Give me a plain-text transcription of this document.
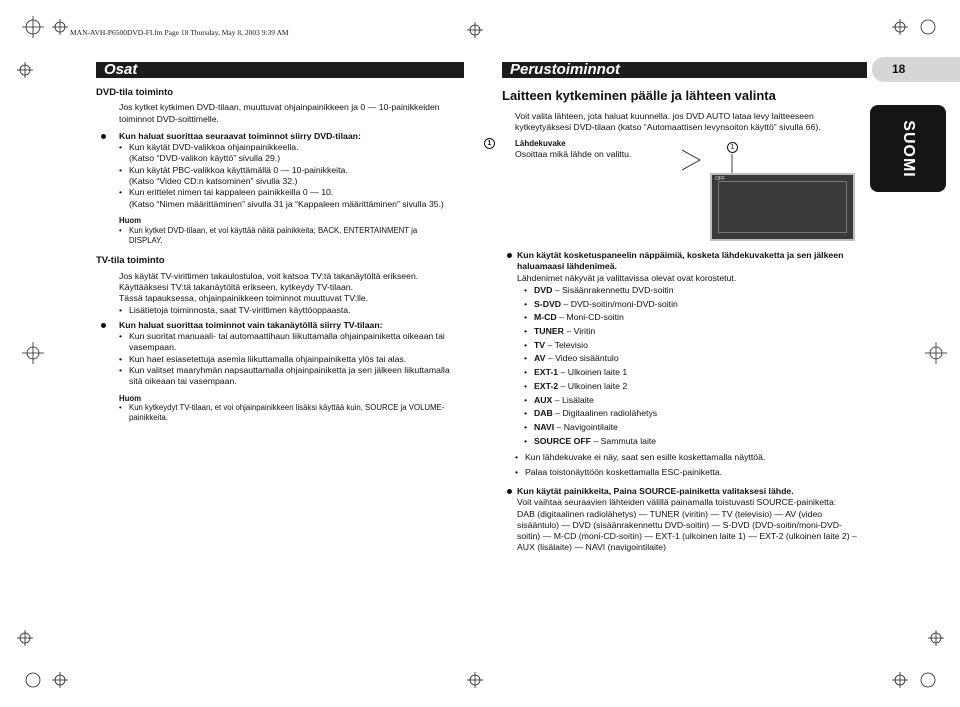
MAN-AVH-P6500DVD-FI.fm Page 18 Thursday, May 8, 2003 9:39 AM
Osat	Perustoiminnot	18
SUOMI
DVD-tila toiminto
Jos kytket kytkimen DVD-tilaan, muuttuvat ohjainpainikkeen ja 0 — 10-painikkeiden
toiminnot DVD-soittimelle.
Kun haluat suorittaa seuraavat toiminnot siirry DVD-tilaan:
• Kun käytät DVD-valikkoa ohjainpainikkeella.
(Katso “DVD-valikon käyttö” sivulla 29.)
• Kun käytät PBC-valikkoa käyttämällä 0 — 10-painikkeita.
(Katso “Video CD:n katsominen” sivulla 32.)
• Kun erittelet nimen tai kappaleen painikkeilla 0 — 10.
(Katso “Nimen määrittäminen” sivulla 31 ja “Kappaleen määrittäminen” sivulla 35.)
Huom
• Kun kytket DVD-tilaan, et voi käyttää näitä painikkeita; BACK, ENTERTAINMENT ja
DISPLAY.
TV-tila toiminto
Jos käytät TV-virittimen takaulostuloa, voit katsoa TV:tä takanäytöltä erikseen.
Käyttääksesi TV:tä takanäytöltä erikseen, kytkeydy TV-tilaan.
Tässä tapauksessa, ohjainpainikkeen toiminnot muuttuvat TV:lle.
• Lisätietoja toiminnosta, saat TV-virittimen käyttöoppaasta.
Kun haluat suorittaa toiminnot vain takanäytöllä siirry TV-tilaan:
• Kun suoritat manuaali- tai automaattihaun liikuttamalla ohjainpainiketta oikeaan tai
vasempaan.
• Kun haet esiasetettuja asemia liikuttamalla ohjainpainiketta ylös tai alas.
• Kun valitset maaryhmän napsauttamalla ohjainpainiketta ja sen jälkeen liikuttamalla
sitä oikeaan tai vasempaan.
Huom
• Kun kytkeydyt TV-tilaan, et voi ohjainpainikkeen lisäksi käyttää kuin, SOURCE ja VOLUME-
painikkeita.
Laitteen kytkeminen päälle ja lähteen valinta
Voit valita lähteen, jota haluat kuunnella. jos DVD AUTO lataa levy laitteeseen
kytkeytyäksesi DVD-tilaan (katso “Automaattisen levynsoiton käyttö” sivulla 66).
1	Lähdekuvake
Osoittaa mikä lähde on valittu.
1
OFF
Kun käytät kosketuspaneelin näppäimiä, kosketa lähdekuvaketta ja sen jälkeen
haluamaasi lähdenimeä.
Lähdenimet näkyvät ja valittavissa olevat ovat korostetut.
• DVD – Sisäänrakennettu DVD-soitin
• S-DVD – DVD-soitin/moni-DVD-soitin
• M-CD – Moni-CD-soitin
• TUNER – Viritin
• TV – Televisio
• AV – Video sisääntulo
• EXT-1 – Ulkoinen laite 1
• EXT-2 – Ulkoinen laite 2
• AUX – Lisälaite
• DAB – Digitaalinen radiolähetys
• NAVI – Navigointilaite
• SOURCE OFF – Sammuta laite
• Kun lähdekuvake ei näy, saat sen esille koskettamalla näyttöä.
• Palaa toistonäyttöön koskettamalla ESC-painiketta.
Kun käytät painikkeita, Paina SOURCE-painiketta valitaksesi lähde.
Voit vaihtaa seuraavien lähteiden välillä painamalla toistuvasti SOURCE-painiketta:
DAB (digitaalinen radiolähetys) — TUNER (viritin) — TV (televisio) — AV (video
sisääntulo) — DVD (sisäänrakennettu DVD-soitin) — S-DVD (DVD-soitin/moni-DVD-
soitin) — M-CD (moni-CD-soitin) — EXT-1 (ulkoinen laite 1) — EXT-2 (ulkoinen laite 2) –
AUX (lisälaite) — NAVI (navigointilaite)
